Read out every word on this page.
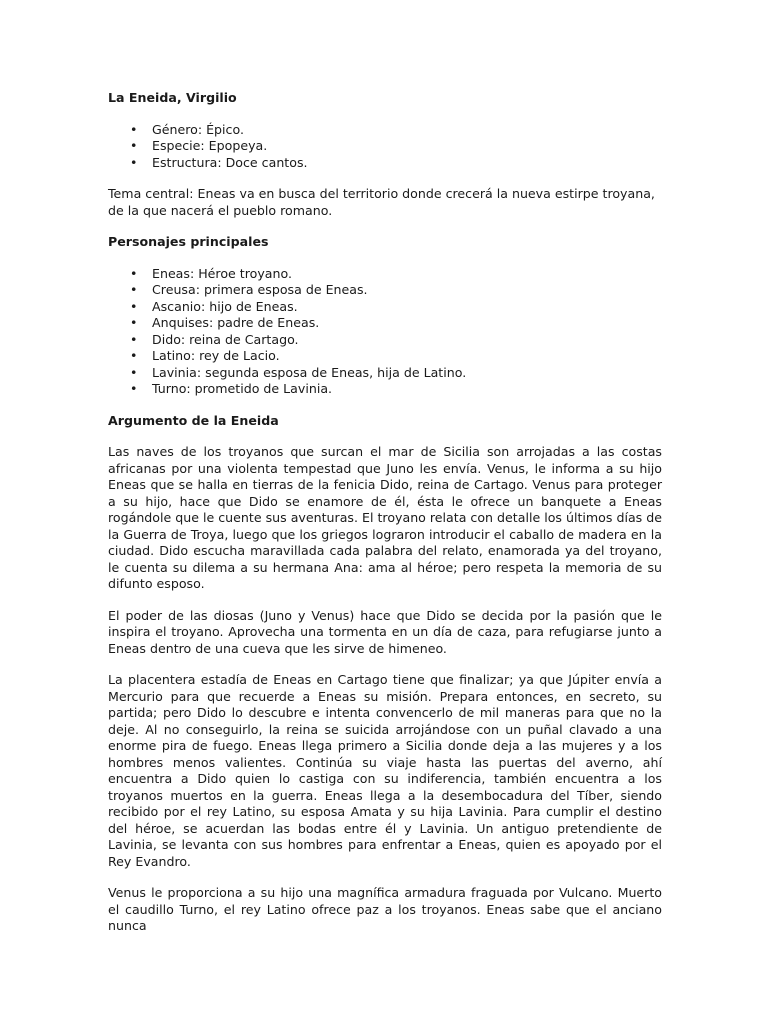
La Eneida, Virgilio
• Género: Épico.
• Especie: Epopeya.
• Estructura: Doce cantos.

Tema central: Eneas va en busca del territorio donde crecerá la nueva estirpe troyana, de la que nacerá el pueblo romano.

Personajes principales
• Eneas: Héroe troyano.
• Creusa: primera esposa de Eneas.
• Ascanio: hijo de Eneas.
• Anquises: padre de Eneas.
• Dido: reina de Cartago.
• Latino: rey de Lacio.
• Lavinia: segunda esposa de Eneas, hija de Latino.
• Turno: prometido de Lavinia.
Argumento de la Eneida

Las naves de los troyanos que surcan el mar de Sicilia son arrojadas a las costas africanas por una violenta tempestad que Juno les envía. Venus, le informa a su hijo Eneas que se halla en tierras de la fenicia Dido, reina de Cartago. Venus para proteger a su hijo, hace que Dido se enamore de él, ésta le ofrece un banquete a Eneas rogándole que le cuente sus aventuras. El troyano relata con detalle los últimos días de la Guerra de Troya, luego que los griegos lograron introducir el caballo de madera en la ciudad. Dido escucha maravillada cada palabra del relato, enamorada ya del troyano, le cuenta su dilema a su hermana Ana: ama al héroe; pero respeta la memoria de su difunto esposo.

El poder de las diosas (Juno y Venus) hace que Dido se decida por la pasión que le inspira el troyano. Aprovecha una tormenta en un día de caza, para refugiarse junto a Eneas dentro de una cueva que les sirve de himeneo.

La placentera estadía de Eneas en Cartago tiene que finalizar; ya que Júpiter envía a Mercurio para que recuerde a Eneas su misión. Prepara entonces, en secreto, su partida; pero Dido lo descubre e intenta convencerlo de mil maneras para que no la deje. Al no conseguirlo, la reina se suicida arrojándose con un puñal clavado a una enorme pira de fuego. Eneas llega primero a Sicilia donde deja a las mujeres y a los hombres menos valientes. Continúa su viaje hasta las puertas del averno, ahí encuentra a Dido quien lo castiga con su indiferencia, también encuentra a los troyanos muertos en la guerra. Eneas llega a la desembocadura del Tíber, siendo recibido por el rey Latino, su esposa Amata y su hija Lavinia. Para cumplir el destino del héroe, se acuerdan las bodas entre él y Lavinia. Un antiguo pretendiente de Lavinia, se levanta con sus hombres para enfrentar a Eneas, quien es apoyado por el Rey Evandro.

Venus le proporciona a su hijo una magnífica armadura fraguada por Vulcano. Muerto el caudillo Turno, el rey Latino ofrece paz a los troyanos. Eneas sabe que el anciano nunca
